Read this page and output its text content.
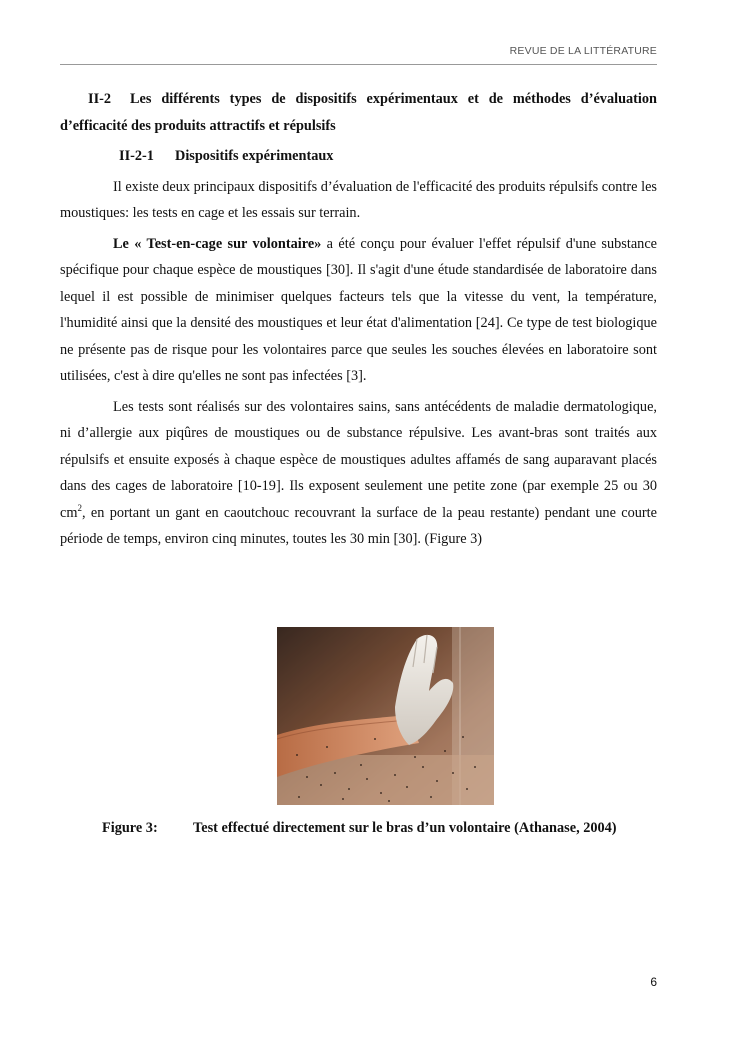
REVUE DE LA LITTÉRATURE

II-2 Les différents types de dispositifs expérimentaux et de méthodes d’évaluation d’efficacité des produits attractifs et répulsifs

II-2-1 Dispositifs expérimentaux

Il existe deux principaux dispositifs d’évaluation de l'efficacité des produits répulsifs contre les moustiques: les tests en cage et les essais sur terrain.

Le « Test-en-cage sur volontaire» a été conçu pour évaluer l'effet répulsif d'une substance spécifique pour chaque espèce de moustiques [30]. Il s'agit d'une étude standardisée de laboratoire dans lequel il est possible de minimiser quelques facteurs tels que la vitesse du vent, la température, l'humidité ainsi que la densité des moustiques et leur état d'alimentation [24]. Ce type de test biologique ne présente pas de risque pour les volontaires parce que seules les souches élevées en laboratoire sont utilisées, c'est à dire qu'elles ne sont pas infectées [3].

Les tests sont réalisés sur des volontaires sains, sans antécédents de maladie dermatologique, ni d’allergie aux piqûres de moustiques ou de substance répulsive. Les avant-bras sont traités aux répulsifs et ensuite exposés à chaque espèce de moustiques adultes affamés de sang auparavant placés dans des cages de laboratoire [10-19]. Ils exposent seulement une petite zone (par exemple 25 ou 30 $cm^2$, en portant un gant en caoutchouc recouvrant la surface de la peau restante) pendant une courte période de temps, environ cinq minutes, toutes les 30 min [30]. (Figure 3)

Figure 3: Test effectué directement sur le bras d’un volontaire (Athanase, 2004)
6
